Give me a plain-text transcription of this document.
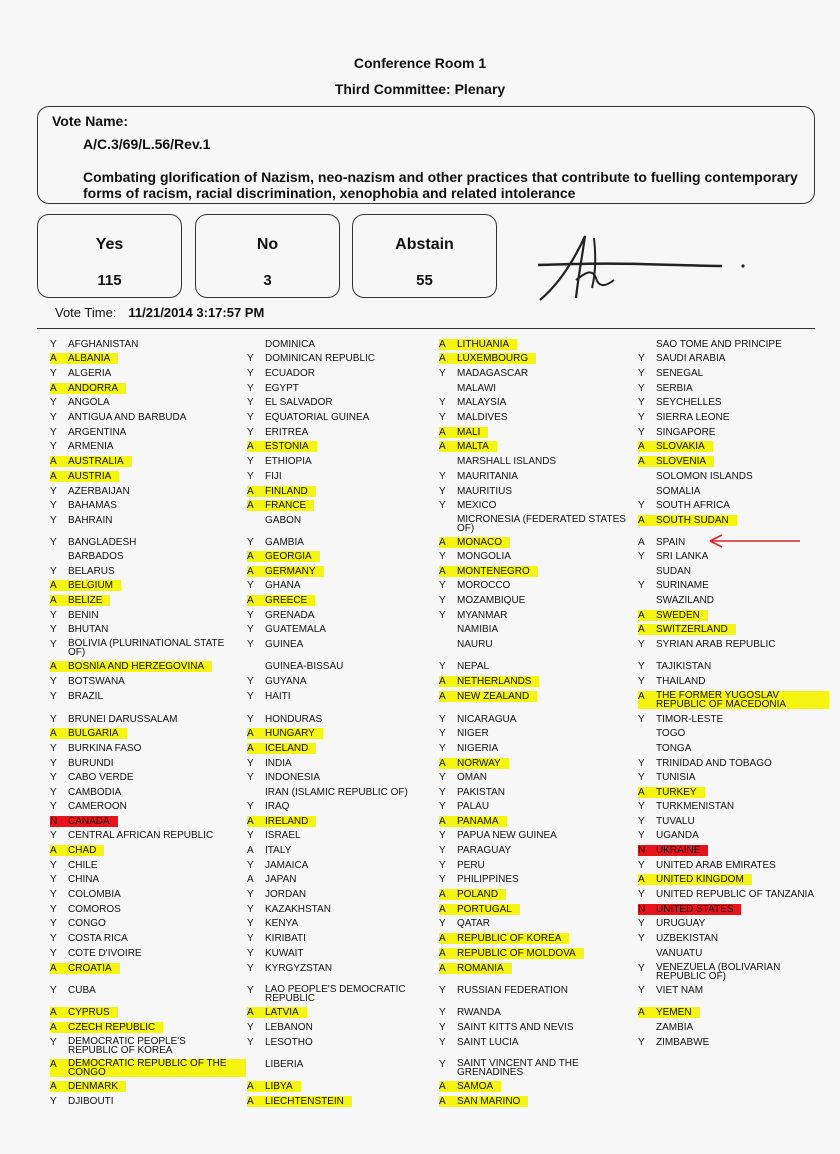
Conference Room 1
Third Committee: Plenary
Vote Name:
A/C.3/69/L.56/Rev.1
Combating glorification of Nazism, neo-nazism and other practices that contribute to fuelling contemporary forms of racism, racial discrimination, xenophobia and related intolerance
Yes
115
No
3
Abstain
55
Vote Time: 11/21/2014 3:17:57 PM
Y	AFGHANISTAN
A	ALBANIA
Y	ALGERIA
A	ANDORRA
Y	ANGOLA
Y	ANTIGUA AND BARBUDA
Y	ARGENTINA
Y	ARMENIA
A	AUSTRALIA
A	AUSTRIA
Y	AZERBAIJAN
Y	BAHAMAS
Y	BAHRAIN
Y	BANGLADESH
BARBADOS
Y	BELARUS
A	BELGIUM
A	BELIZE
Y	BENIN
Y	BHUTAN
Y	BOLIVIA (PLURINATIONAL STATE OF)
A	BOSNIA AND HERZEGOVINA
Y	BOTSWANA
Y	BRAZIL
Y	BRUNEI DARUSSALAM
A	BULGARIA
Y	BURKINA FASO
Y	BURUNDI
Y	CABO VERDE
Y	CAMBODIA
Y	CAMEROON
N	CANADA
Y	CENTRAL AFRICAN REPUBLIC
A	CHAD
Y	CHILE
Y	CHINA
Y	COLOMBIA
Y	COMOROS
Y	CONGO
Y	COSTA RICA
Y	COTE D'IVOIRE
A	CROATIA
Y	CUBA
A	CYPRUS
A	CZECH REPUBLIC
Y	DEMOCRATIC PEOPLE'S REPUBLIC OF KOREA
A	DEMOCRATIC REPUBLIC OF THE CONGO
A	DENMARK
Y	DJIBOUTI
DOMINICA
Y	DOMINICAN REPUBLIC
Y	ECUADOR
Y	EGYPT
Y	EL SALVADOR
Y	EQUATORIAL GUINEA
Y	ERITREA
A	ESTONIA
Y	ETHIOPIA
Y	FIJI
A	FINLAND
A	FRANCE
GABON
Y	GAMBIA
A	GEORGIA
A	GERMANY
Y	GHANA
A	GREECE
Y	GRENADA
Y	GUATEMALA
Y	GUINEA
GUINEA-BISSAU
Y	GUYANA
Y	HAITI
Y	HONDURAS
A	HUNGARY
A	ICELAND
Y	INDIA
Y	INDONESIA
IRAN (ISLAMIC REPUBLIC OF)
Y	IRAQ
A	IRELAND
Y	ISRAEL
A	ITALY
Y	JAMAICA
A	JAPAN
Y	JORDAN
Y	KAZAKHSTAN
Y	KENYA
Y	KIRIBATI
Y	KUWAIT
Y	KYRGYZSTAN
Y	LAO PEOPLE'S DEMOCRATIC REPUBLIC
A	LATVIA
Y	LEBANON
Y	LESOTHO
LIBERIA
A	LIBYA
A	LIECHTENSTEIN
A	LITHUANIA
A	LUXEMBOURG
Y	MADAGASCAR
MALAWI
Y	MALAYSIA
Y	MALDIVES
A	MALI
A	MALTA
MARSHALL ISLANDS
Y	MAURITANIA
Y	MAURITIUS
Y	MEXICO
MICRONESIA (FEDERATED STATES OF)
A	MONACO
Y	MONGOLIA
A	MONTENEGRO
Y	MOROCCO
Y	MOZAMBIQUE
Y	MYANMAR
NAMIBIA
NAURU
Y	NEPAL
A	NETHERLANDS
A	NEW ZEALAND
Y	NICARAGUA
Y	NIGER
Y	NIGERIA
A	NORWAY
Y	OMAN
Y	PAKISTAN
Y	PALAU
A	PANAMA
Y	PAPUA NEW GUINEA
Y	PARAGUAY
Y	PERU
Y	PHILIPPINES
A	POLAND
A	PORTUGAL
Y	QATAR
A	REPUBLIC OF KOREA
A	REPUBLIC OF MOLDOVA
A	ROMANIA
Y	RUSSIAN FEDERATION
Y	RWANDA
Y	SAINT KITTS AND NEVIS
Y	SAINT LUCIA
Y	SAINT VINCENT AND THE GRENADINES
A	SAMOA
A	SAN MARINO
SAO TOME AND PRINCIPE
Y	SAUDI ARABIA
Y	SENEGAL
Y	SERBIA
Y	SEYCHELLES
Y	SIERRA LEONE
Y	SINGAPORE
A	SLOVAKIA
A	SLOVENIA
SOLOMON ISLANDS
SOMALIA
Y	SOUTH AFRICA
A	SOUTH SUDAN
A	SPAIN
Y	SRI LANKA
SUDAN
Y	SURINAME
SWAZILAND
A	SWEDEN
A	SWITZERLAND
Y	SYRIAN ARAB REPUBLIC
Y	TAJIKISTAN
Y	THAILAND
A	THE FORMER YUGOSLAV REPUBLIC OF MACEDONIA
Y	TIMOR-LESTE
TOGO
TONGA
Y	TRINIDAD AND TOBAGO
Y	TUNISIA
A	TURKEY
Y	TURKMENISTAN
Y	TUVALU
Y	UGANDA
N	UKRAINE
Y	UNITED ARAB EMIRATES
A	UNITED KINGDOM
Y	UNITED REPUBLIC OF TANZANIA
N	UNITED STATES
Y	URUGUAY
Y	UZBEKISTAN
VANUATU
Y	VENEZUELA (BOLIVARIAN REPUBLIC OF)
Y	VIET NAM
A	YEMEN
ZAMBIA
Y	ZIMBABWE
